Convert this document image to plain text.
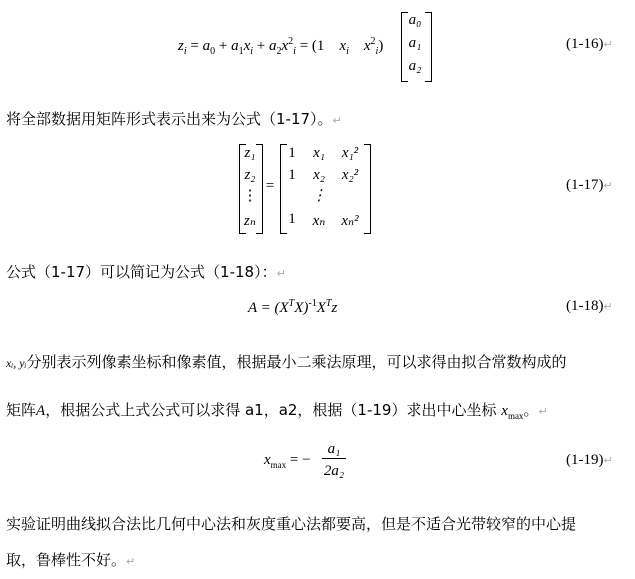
$z_i = a_0 + a_1x_i + a_2x^2_i = (1$ $x_i$ $x^2_i$)
a₀
a₁
a₂
(1-16)↵
将全部数据用矩阵形式表示出来为公式（1-17）。↵
z₁
z₂
⋮
zₙ
=
1	x₁	x₁²
1	x₂	x₂²
⋮
1	xₙ	xₙ²
(1-17)↵
公式（1-17）可以简记为公式（1-18）：↵
$A = (X^TX)^{-1}X^Tz$	(1-18)↵
xᵢ, yᵢ分别表示列像素坐标和像素值，根据最小二乘法原理，可以求得由拟合常数构成的
矩阵A，根据公式上式公式可以求得 a1，a2，根据（1-19）求出中心坐标 $x_{max}$。↵
$x_{max}$ = −
a₁
2a₂
(1-19)↵
实验证明曲线拟合法比几何中心法和灰度重心法都要高，但是不适合光带较窄的中心提
取，鲁棒性不好。↵
